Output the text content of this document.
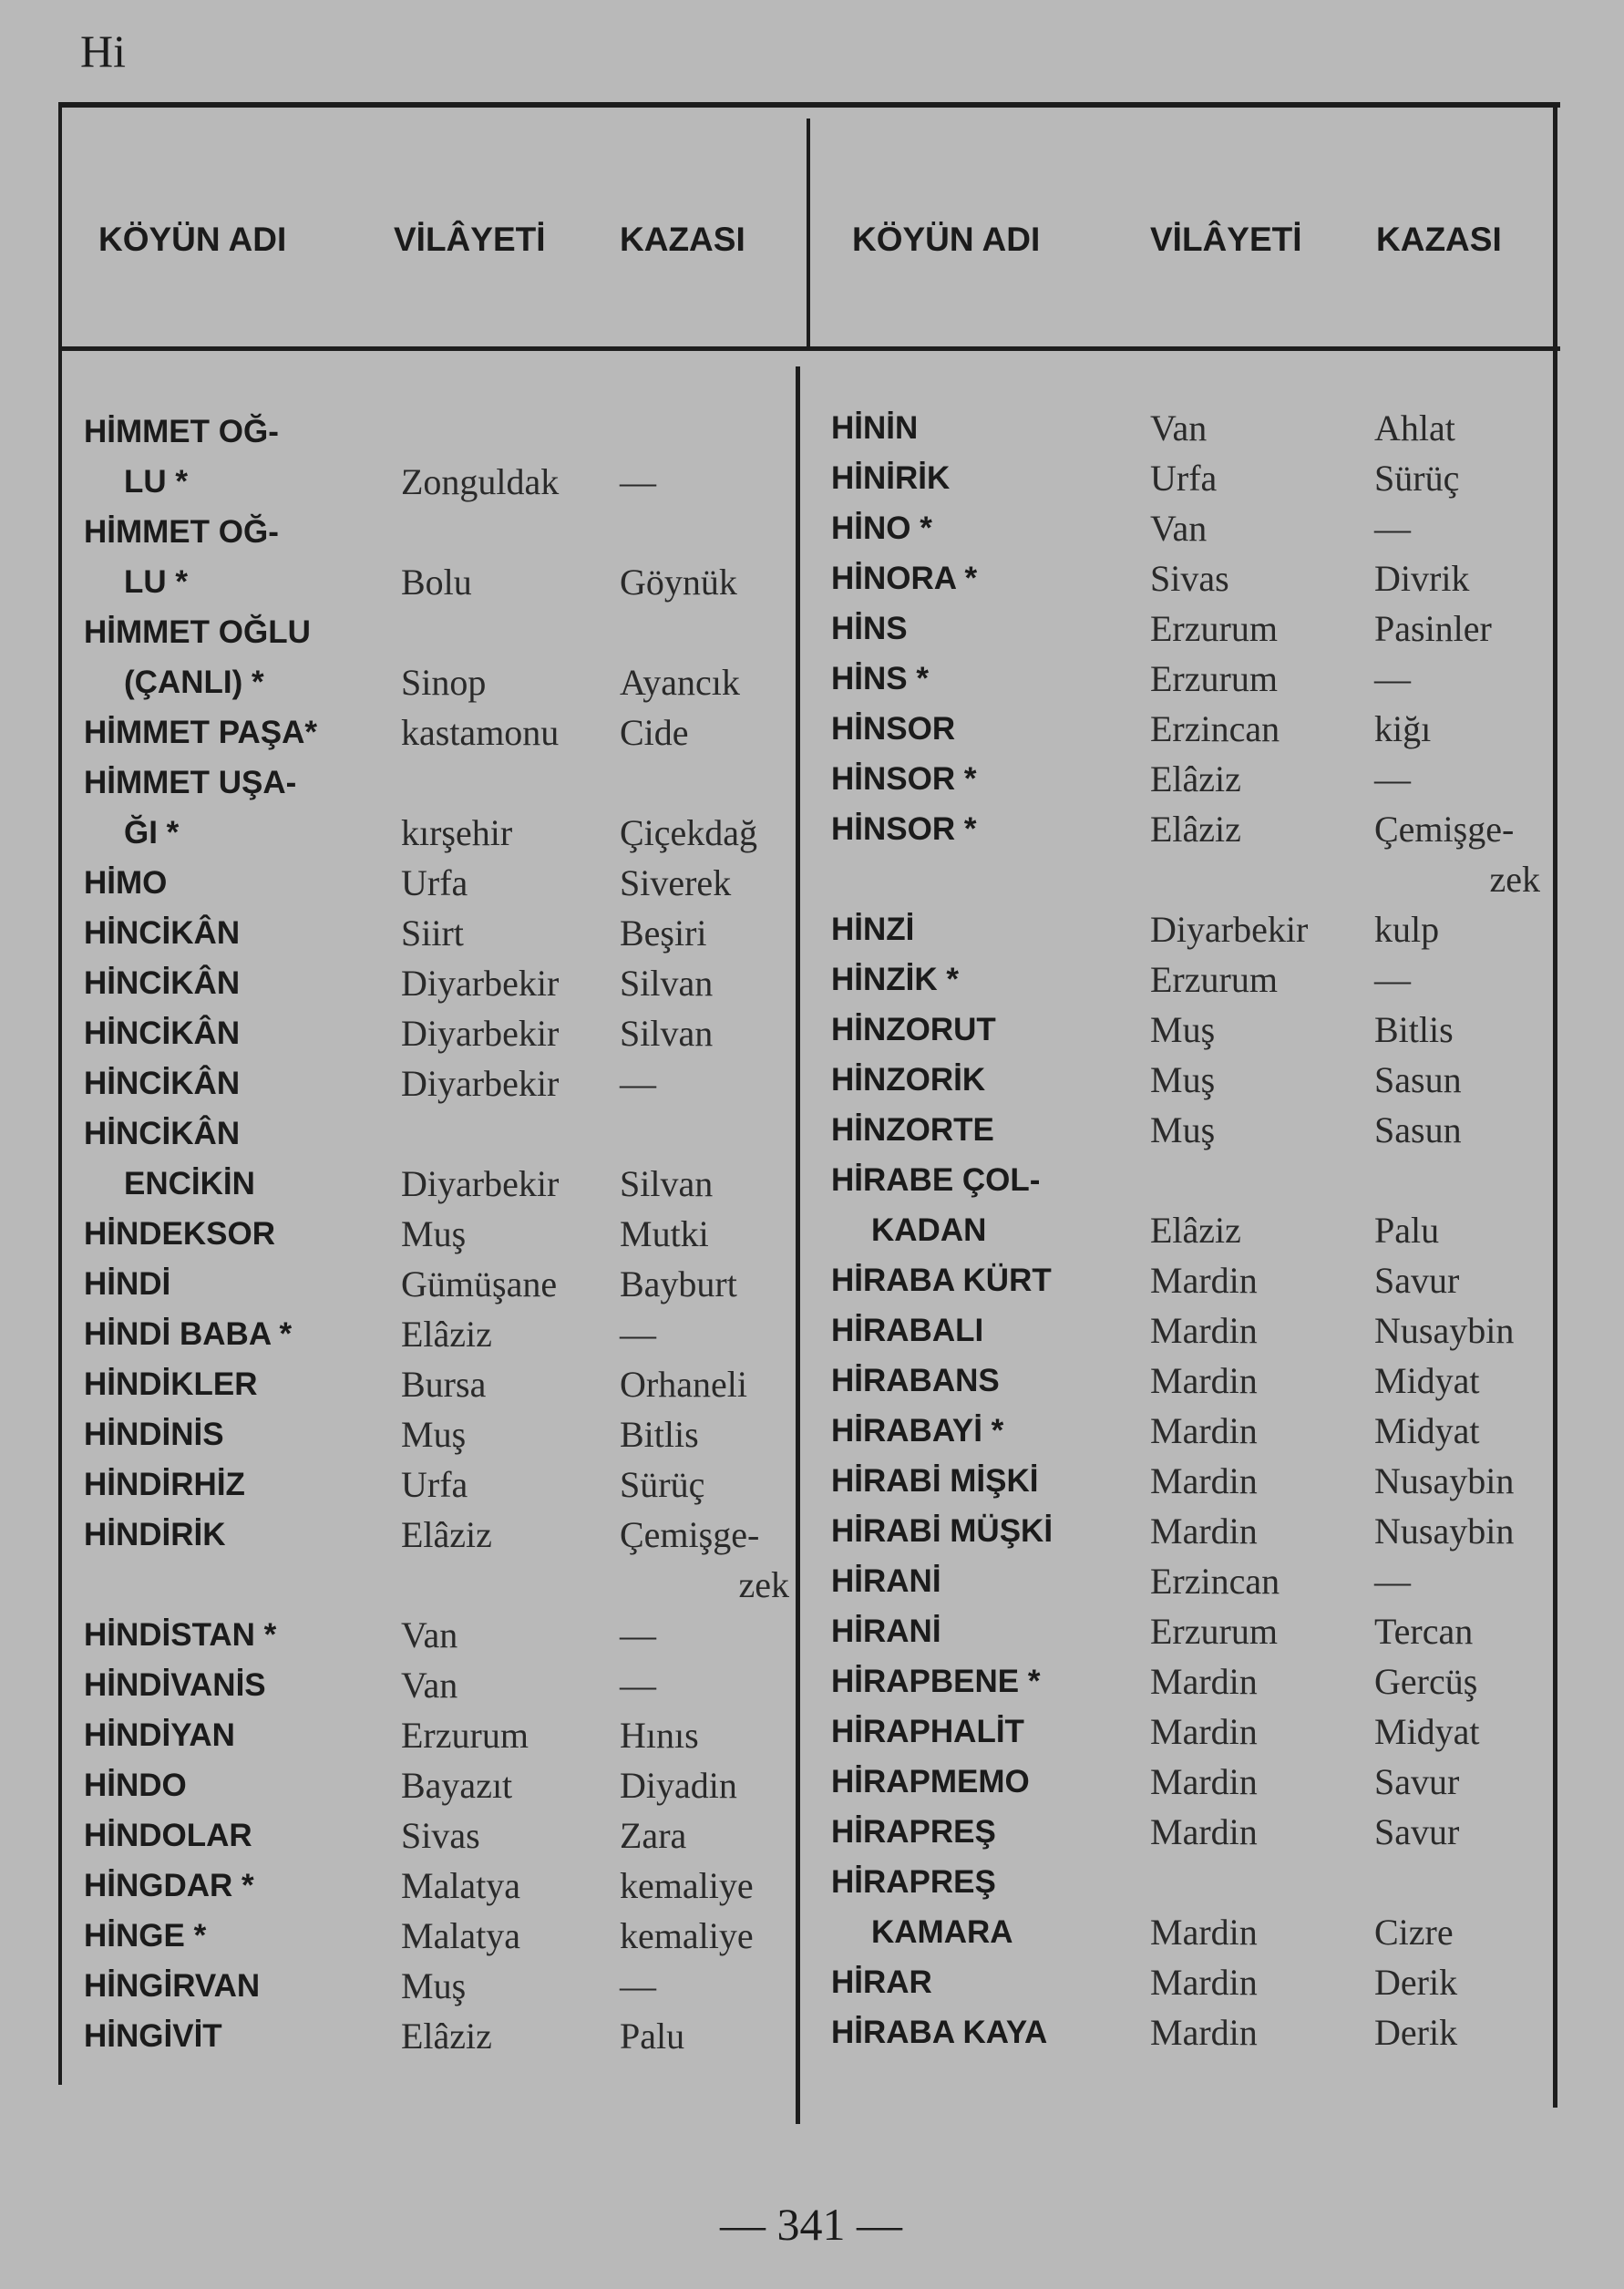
Hi
KÖYÜN ADI	VİLÂYETİ KAZASI	KÖYÜN ADI	VİLÂYETİ KAZASI
HİMMET OĞ-
LU *	Zonguldak —
HİMMET OĞ-
LU *	Bolu	Göynük
HİMMET OĞLU
(ÇANLI) *	Sinop	Ayancık
HİMMET PAŞA* kastamonu Cide
HİMMET UŞA-
ĞI *	kırşehir	Çiçekdağ
HİMO	Urfa	Siverek
HİNCİKÂN	Siirt	Beşiri
HİNCİKÂN	Diyarbekir Silvan
HİNCİKÂN	Diyarbekir Silvan
HİNCİKÂN	Diyarbekir —
HİNCİKÂN
ENCİKİN	Diyarbekir Silvan
HİNDEKSOR	Muş	Mutki
HİNDİ	Gümüşane Bayburt
HİNDİ BABA *	Elâziz	—
HİNDİKLER	Bursa	Orhaneli
HİNDİNİS	Muş	Bitlis
HİNDİRHİZ	Urfa	Sürüç
HİNDİRİK	Elâziz	Çemişge-
zek
HİNDİSTAN *	Van	—
HİNDİVANİS	Van	—
HİNDİYAN	Erzurum	Hınıs
HİNDO	Bayazıt	Diyadin
HİNDOLAR	Sivas	Zara
HİNGDAR *	Malatya	kemaliye
HİNGE *	Malatya	kemaliye
HİNGİRVAN	Muş	—
HİNGİVİT	Elâziz	Palu
HİNİN	Van	Ahlat
HİNİRİK	Urfa	Sürüç
HİNO *	Van	—
HİNORA *	Sivas	Divrik
HİNS	Erzurum	Pasinler
HİNS *	Erzurum	—
HİNSOR	Erzincan	kiğı
HİNSOR *	Elâziz	—
HİNSOR *	Elâziz	Çemişge-
zek
HİNZİ	Diyarbekir kulp
HİNZİK *	Erzurum	—
HİNZORUT	Muş	Bitlis
HİNZORİK	Muş	Sasun
HİNZORTE	Muş	Sasun
HİRABE ÇOL-
KADAN	Elâziz	Palu
HİRABA KÜRT	Mardin	Savur
HİRABALI	Mardin	Nusaybin
HİRABANS	Mardin	Midyat
HİRABAYİ *	Mardin	Midyat
HİRABİ MİŞKİ	Mardin	Nusaybin
HİRABİ MÜŞKİ	Mardin	Nusaybin
HİRANİ	Erzincan	—
HİRANİ	Erzurum	Tercan
HİRAPBENE *	Mardin	Gercüş
HİRAPHALİT	Mardin	Midyat
HİRAPMEMO	Mardin	Savur
HİRAPREŞ	Mardin	Savur
HİRAPREŞ
KAMARA	Mardin	Cizre
HİRAR	Mardin	Derik
HİRABA KAYA	Mardin	Derik
— 341 —
